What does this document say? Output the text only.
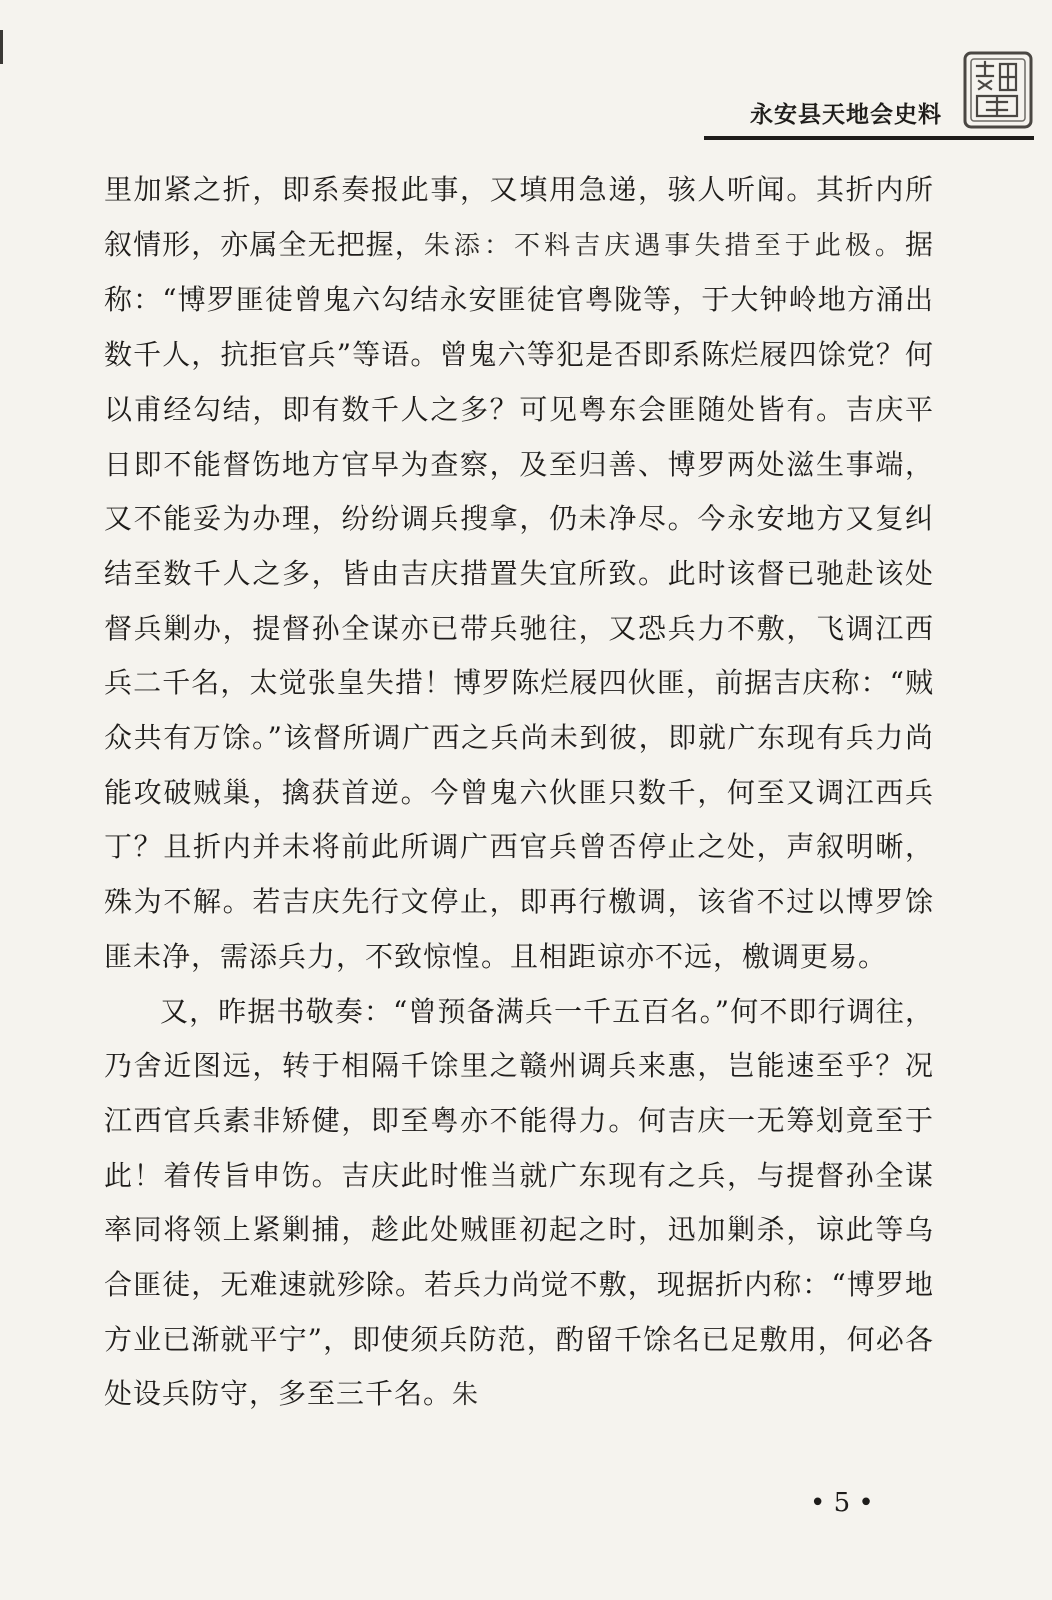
永安县天地会史料

里加紧之折，即系奏报此事，又填用急递，骇人听闻。其折内所叙情形，亦属全无把握，朱添：不料吉庆遇事失措至于此极。据称：“博罗匪徒曾鬼六勾结永安匪徒官粤陇等，于大钟岭地方涌出数千人，抗拒官兵”等语。曾鬼六等犯是否即系陈烂屐四馀党？何以甫经勾结，即有数千人之多？可见粤东会匪随处皆有。吉庆平日即不能督饬地方官早为查察，及至归善、博罗两处滋生事端，又不能妥为办理，纷纷调兵搜拿，仍未净尽。今永安地方又复纠结至数千人之多，皆由吉庆措置失宜所致。此时该督已驰赴该处督兵剿办，提督孙全谋亦已带兵驰往，又恐兵力不敷，飞调江西兵二千名，太觉张皇失措！博罗陈烂屐四伙匪，前据吉庆称：“贼众共有万馀。”该督所调广西之兵尚未到彼，即就广东现有兵力尚能攻破贼巢，擒获首逆。今曾鬼六伙匪只数千，何至又调江西兵丁？且折内并未将前此所调广西官兵曾否停止之处，声叙明晰，殊为不解。若吉庆先行文停止，即再行檄调，该省不过以博罗馀匪未净，需添兵力，不致惊惶。且相距谅亦不远，檄调更易。

又，昨据书敬奏：“曾预备满兵一千五百名。”何不即行调往，乃舍近图远，转于相隔千馀里之赣州调兵来惠，岂能速至乎？况江西官兵素非矫健，即至粤亦不能得力。何吉庆一无筹划竟至于此！着传旨申饬。吉庆此时惟当就广东现有之兵，与提督孙全谋率同将领上紧剿捕，趁此处贼匪初起之时，迅加剿杀，谅此等乌合匪徒，无难速就殄除。若兵力尚觉不敷，现据折内称：“博罗地方业已渐就平宁”，即使须兵防范，酌留千馀名已足敷用，何必各处设兵防守，多至三千名。朱

• 5 •
